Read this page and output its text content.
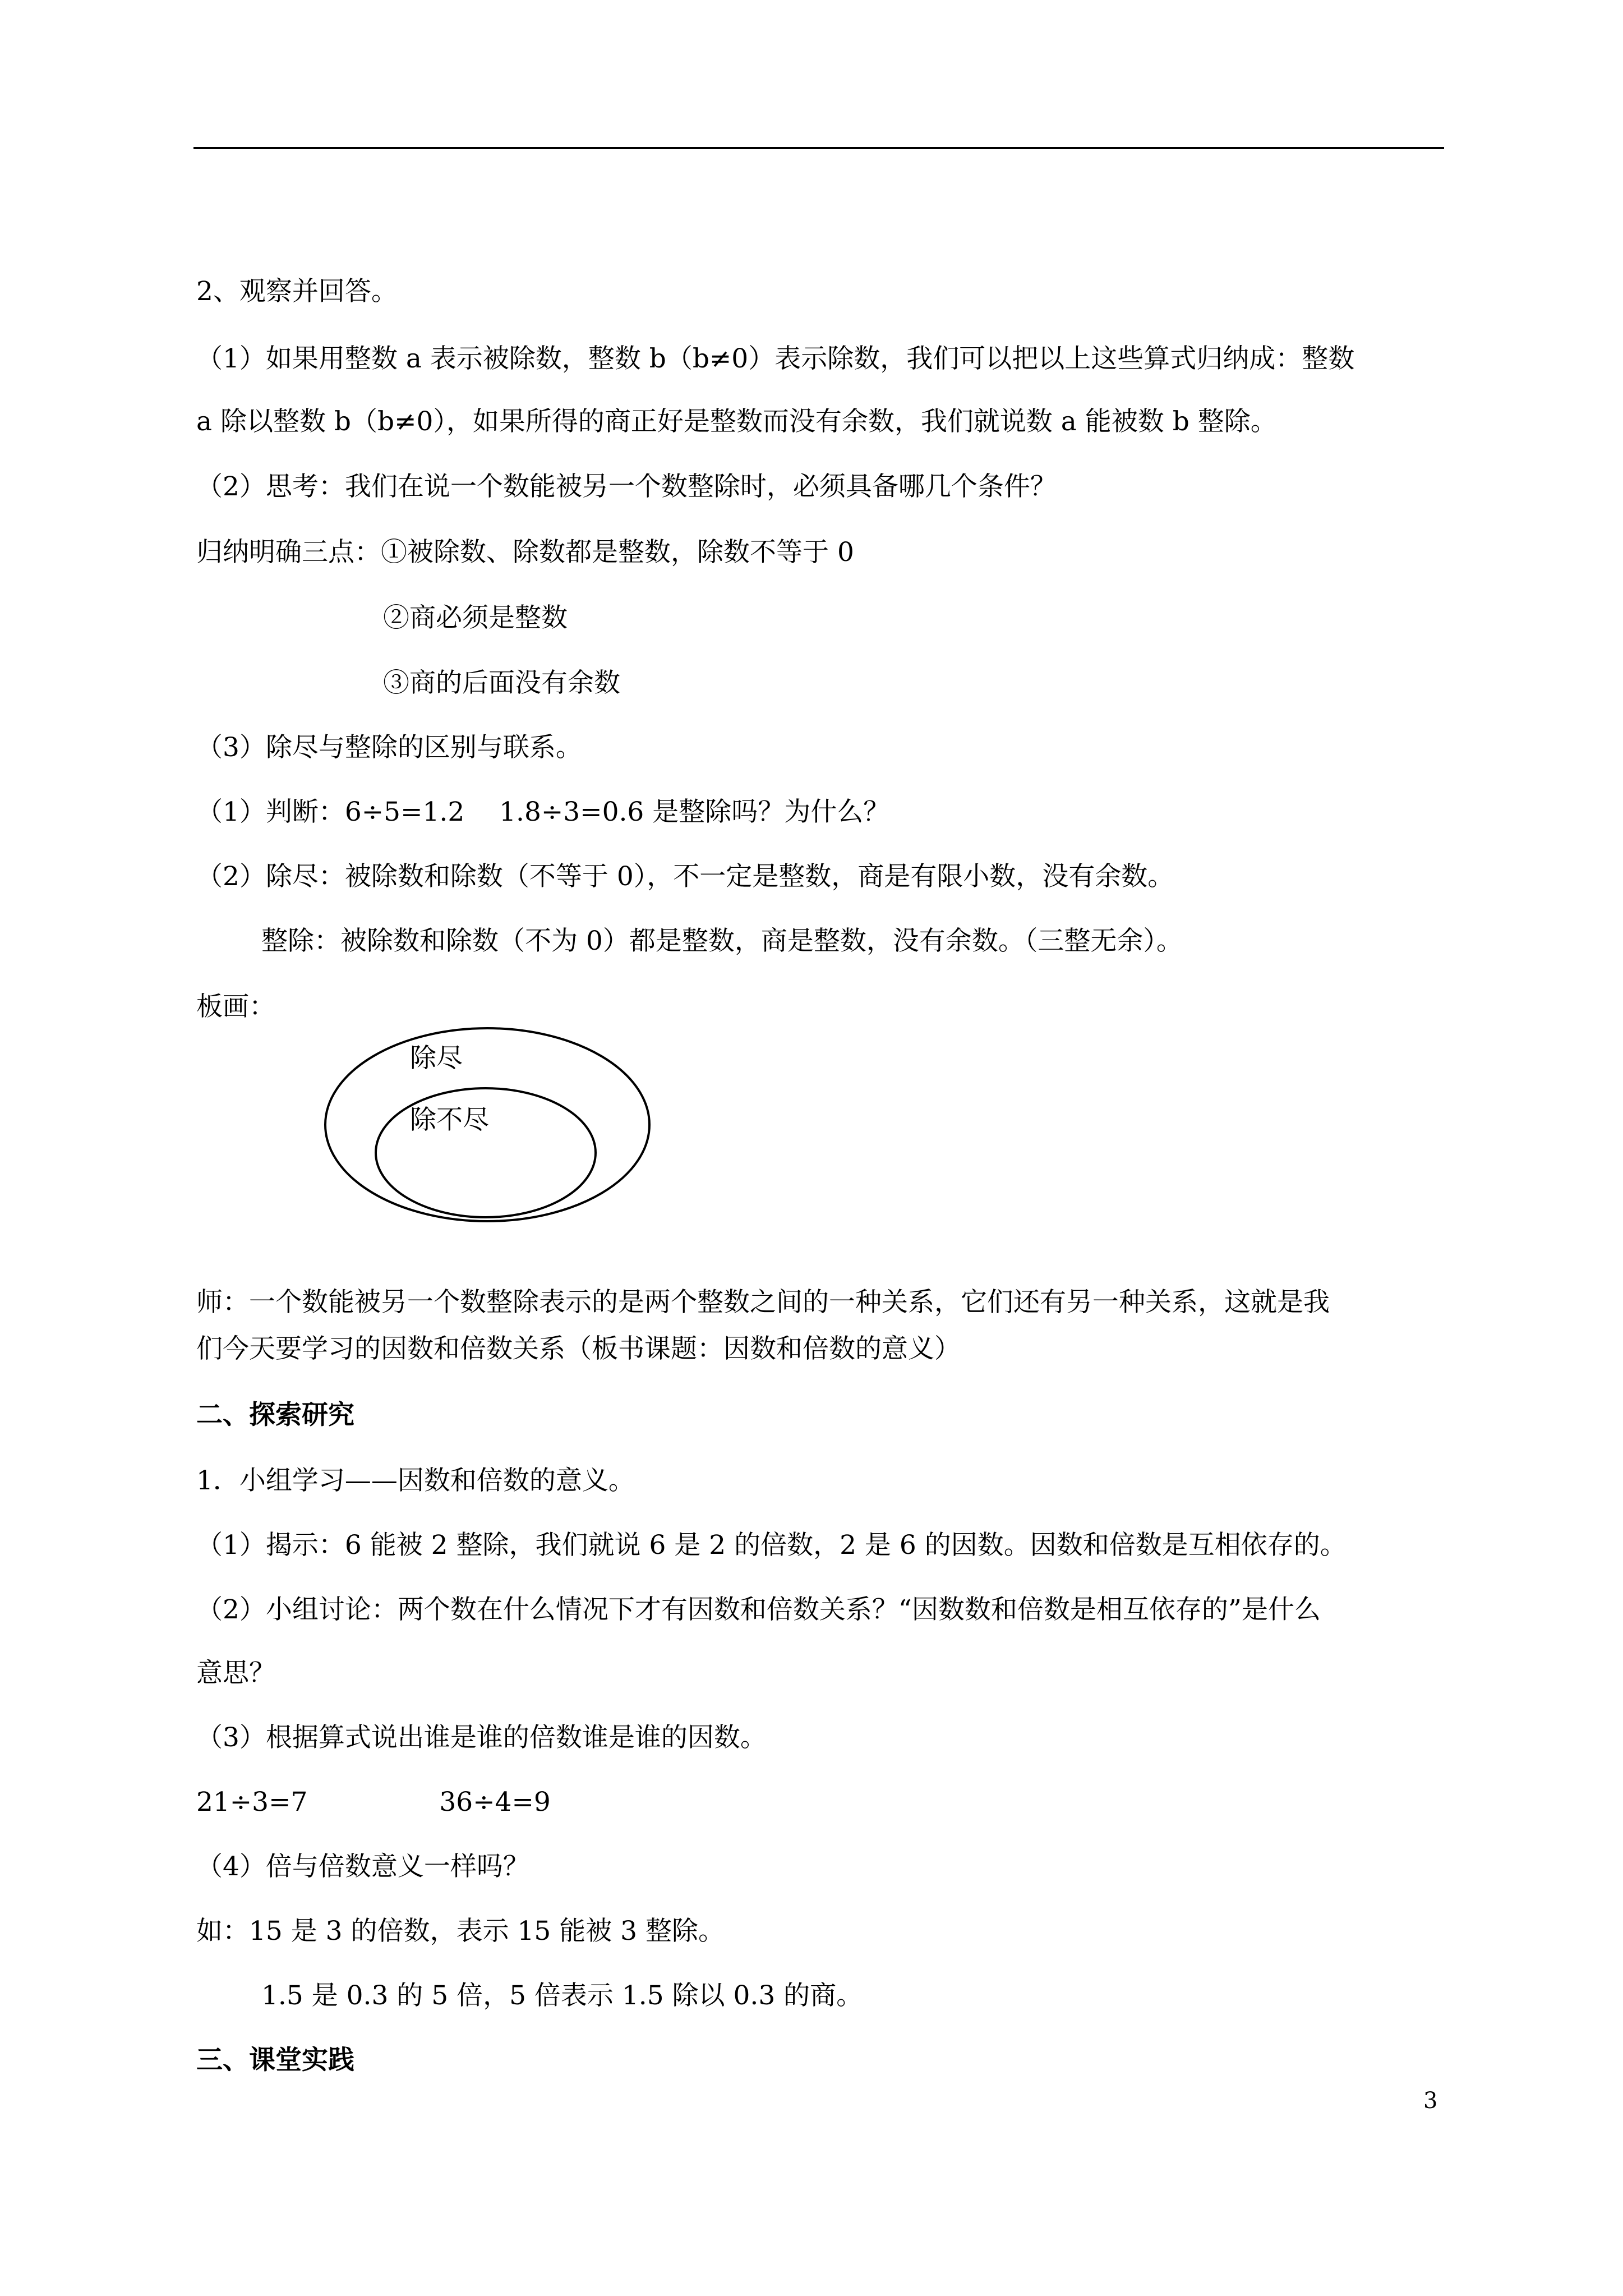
2、观察并回答。
（1）如果用整数 a 表示被除数，整数 b（b≠0）表示除数，我们可以把以上这些算式归纳成：整数
a 除以整数 b（b≠0），如果所得的商正好是整数而没有余数，我们就说数 a 能被数 b 整除。
（2）思考：我们在说一个数能被另一个数整除时，必须具备哪几个条件？
归纳明确三点：①被除数、除数都是整数，除数不等于 0
②商必须是整数
③商的后面没有余数
（3）除尽与整除的区别与联系。
（1）判断：6÷5=1.2　 1.8÷3=0.6 是整除吗？为什么？
（2）除尽：被除数和除数（不等于 0），不一定是整数，商是有限小数，没有余数。
整除：被除数和除数（不为 0）都是整数，商是整数，没有余数。（三整无余）。
板画：
除尽
除不尽
师：一个数能被另一个数整除表示的是两个整数之间的一种关系，它们还有另一种关系，这就是我
们今天要学习的因数和倍数关系（板书课题：因数和倍数的意义）
二、探索研究
1．小组学习——因数和倍数的意义。
（1）揭示：6 能被 2 整除，我们就说 6 是 2 的倍数，2 是 6 的因数。因数和倍数是互相依存的。
（2）小组讨论：两个数在什么情况下才有因数和倍数关系？“因数数和倍数是相互依存的”是什么
意思？
（3）根据算式说出谁是谁的倍数谁是谁的因数。
21÷3=7　　　　　36÷4=9
（4）倍与倍数意义一样吗？
如：15 是 3 的倍数，表示 15 能被 3 整除。
1.5 是 0.3 的 5 倍，5 倍表示 1.5 除以 0.3 的商。
三、课堂实践
3
